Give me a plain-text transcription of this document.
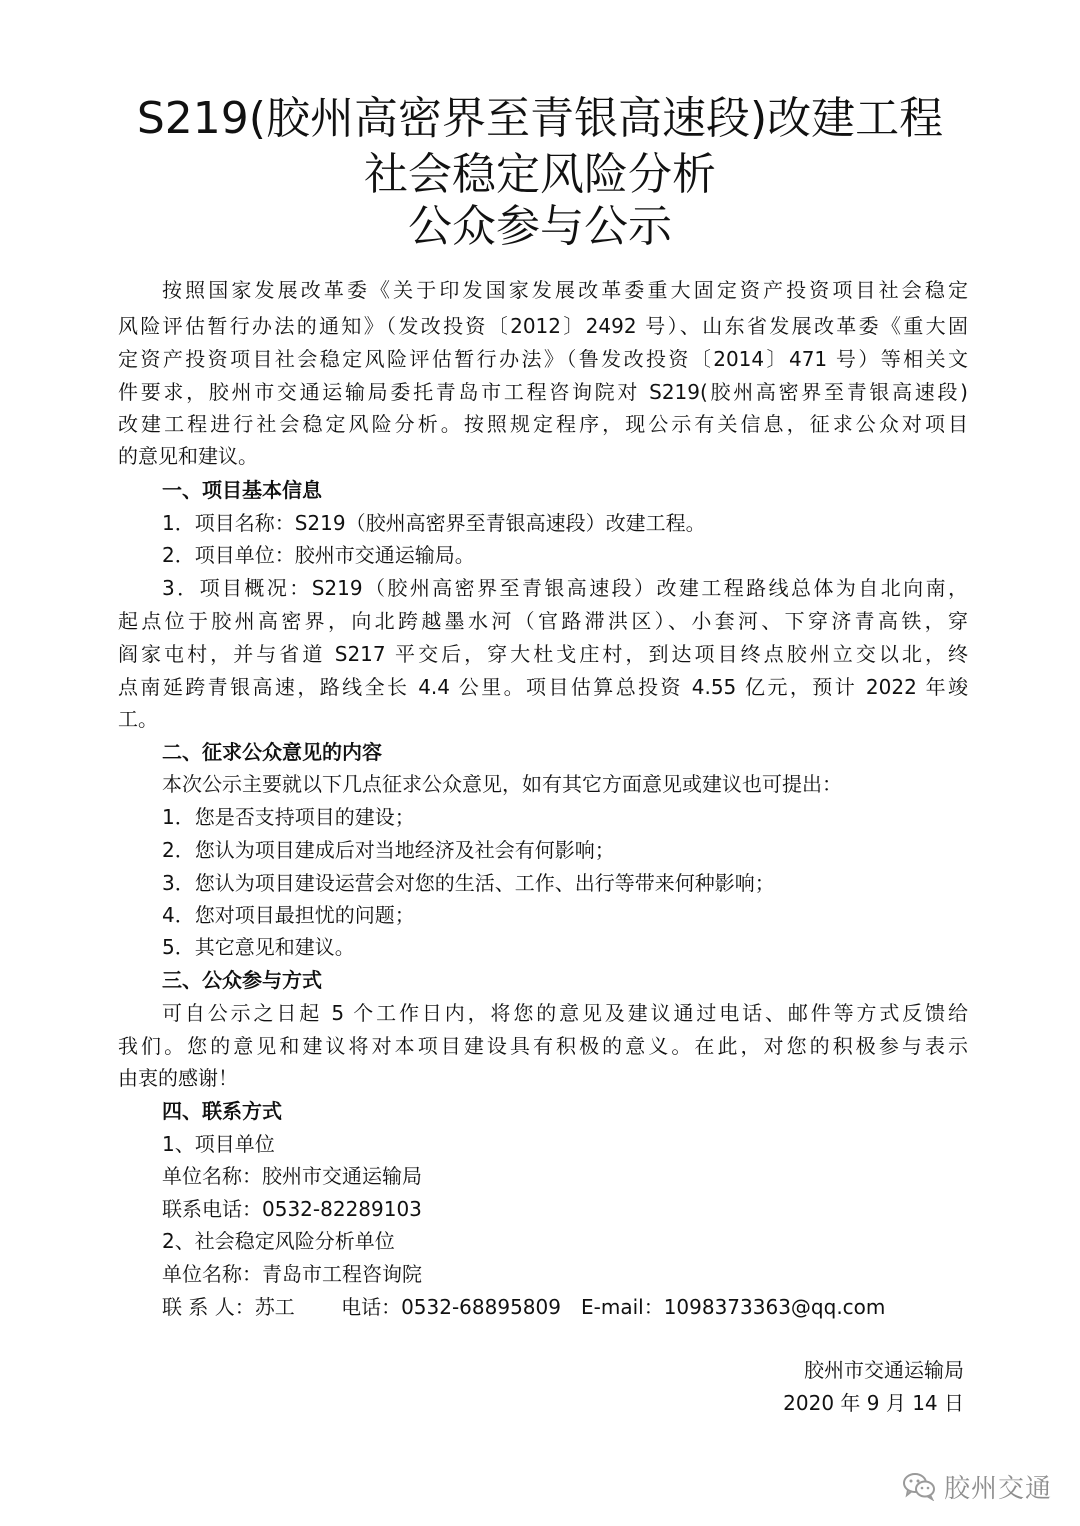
S219(胶州高密界至青银高速段)改建工程
社会稳定风险分析
公众参与公示
按照国家发展改革委《关于印发国家发展改革委重大固定资产投资项目社会稳定
风险评估暂行办法的通知》（发改投资〔2012〕2492 号）、山东省发展改革委《重大固
定资产投资项目社会稳定风险评估暂行办法》（鲁发改投资〔2014〕471 号）等相关文
件要求，胶州市交通运输局委托青岛市工程咨询院对 S219(胶州高密界至青银高速段)
改建工程进行社会稳定风险分析。按照规定程序，现公示有关信息，征求公众对项目
的意见和建议。
一、项目基本信息
1．项目名称：S219（胶州高密界至青银高速段）改建工程。
2．项目单位：胶州市交通运输局。
3．项目概况：S219（胶州高密界至青银高速段）改建工程路线总体为自北向南，
起点位于胶州高密界，向北跨越墨水河（官路滞洪区）、小套河、下穿济青高铁，穿
阎家屯村，并与省道 S217 平交后，穿大杜戈庄村，到达项目终点胶州立交以北，终
点南延跨青银高速，路线全长 4.4 公里。项目估算总投资 4.55 亿元，预计 2022 年竣
工。
二、征求公众意见的内容
本次公示主要就以下几点征求公众意见，如有其它方面意见或建议也可提出：
1．您是否支持项目的建设；
2．您认为项目建成后对当地经济及社会有何影响；
3．您认为项目建设运营会对您的生活、工作、出行等带来何种影响；
4．您对项目最担忧的问题；
5．其它意见和建议。
三、公众参与方式
可自公示之日起 5 个工作日内，将您的意见及建议通过电话、邮件等方式反馈给
我们。您的意见和建议将对本项目建设具有积极的意义。在此，对您的积极参与表示
由衷的感谢！
四、联系方式
1、项目单位
单位名称：胶州市交通运输局
联系电话：0532-82289103
2、社会稳定风险分析单位
单位名称：青岛市工程咨询院
联 系 人：苏工　　 电话：0532-68895809　E-mail：1098373363@qq.com
胶州市交通运输局
2020 年 9 月 14 日
胶州交通
